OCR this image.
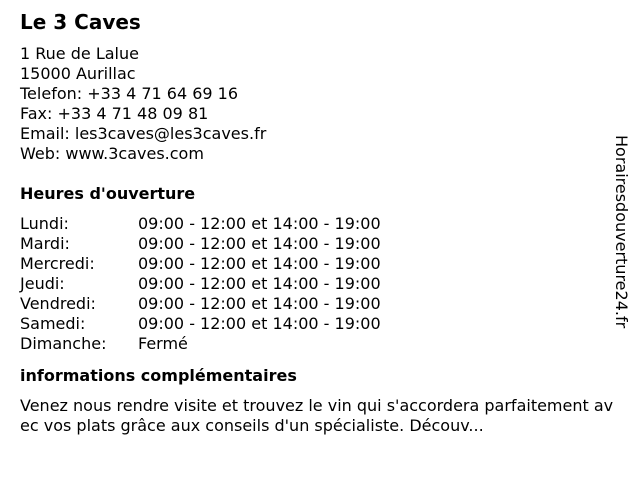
Le 3 Caves
1 Rue de Lalue
15000 Aurillac
Telefon: +33 4 71 64 69 16
Fax: +33 4 71 48 09 81
Email: les3caves@les3caves.fr
Web: www.3caves.com
Heures d'ouverture
Lundi:	09:00 - 12:00 et 14:00 - 19:00
Mardi:	09:00 - 12:00 et 14:00 - 19:00
Mercredi:	09:00 - 12:00 et 14:00 - 19:00
Jeudi:	09:00 - 12:00 et 14:00 - 19:00
Vendredi:	09:00 - 12:00 et 14:00 - 19:00
Samedi:	09:00 - 12:00 et 14:00 - 19:00
Dimanche:	Fermé
informations complémentaires
Venez nous rendre visite et trouvez le vin qui s'accordera parfaitement avec vos plats grâce aux conseils d'un spécialiste. Découv...
Horairesdouverture24.fr
